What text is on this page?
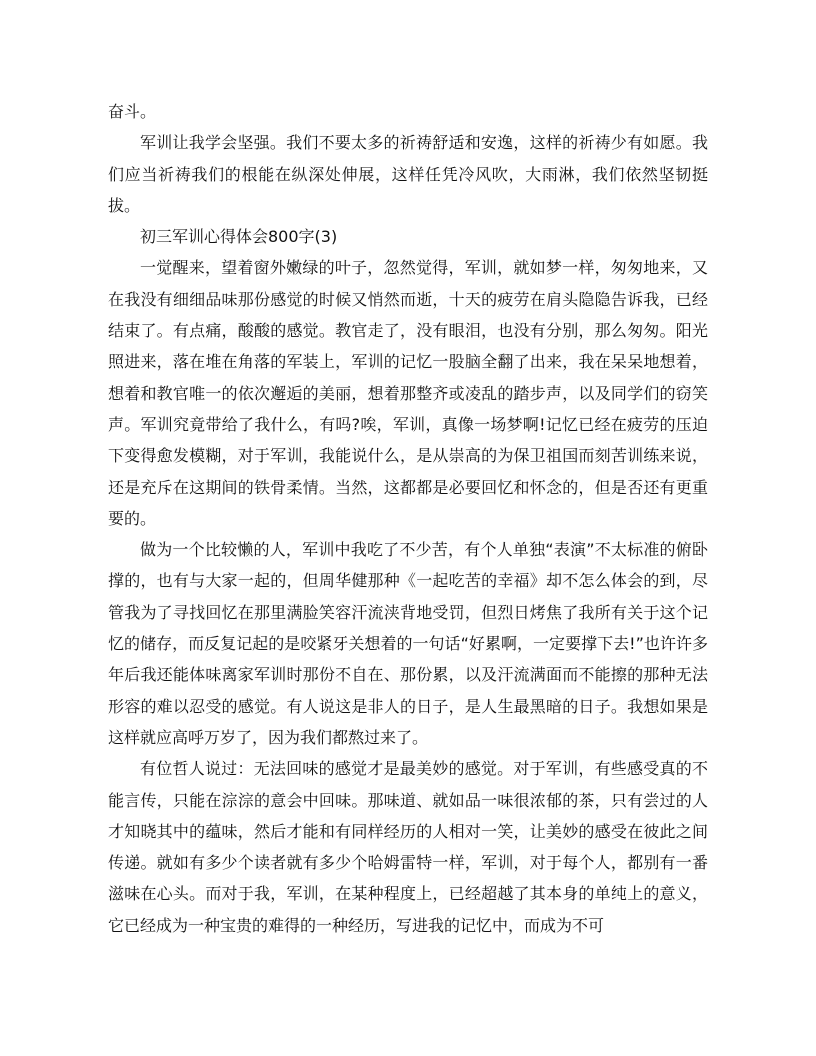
奋斗。

军训让我学会坚强。我们不要太多的祈祷舒适和安逸，这样的祈祷少有如愿。我们应当祈祷我们的根能在纵深处伸展，这样任凭冷风吹，大雨淋，我们依然坚韧挺拔。

初三军训心得体会800字(3)

一觉醒来，望着窗外嫩绿的叶子，忽然觉得，军训，就如梦一样，匆匆地来，又在我没有细细品味那份感觉的时候又悄然而逝，十天的疲劳在肩头隐隐告诉我，已经结束了。有点痛，酸酸的感觉。教官走了，没有眼泪，也没有分别，那么匆匆。阳光照进来，落在堆在角落的军装上，军训的记忆一股脑全翻了出来，我在呆呆地想着，想着和教官唯一的依次邂逅的美丽，想着那整齐或凌乱的踏步声，以及同学们的窃笑声。军训究竟带给了我什么，有吗?唉，军训，真像一场梦啊!记忆已经在疲劳的压迫下变得愈发模糊，对于军训，我能说什么，是从崇高的为保卫祖国而刻苦训练来说，还是充斥在这期间的铁骨柔情。当然，这都都是必要回忆和怀念的，但是否还有更重要的。

做为一个比较懒的人，军训中我吃了不少苦，有个人单独“表演”不太标准的俯卧撑的，也有与大家一起的，但周华健那种《一起吃苦的幸福》却不怎么体会的到，尽管我为了寻找回忆在那里满脸笑容汗流浃背地受罚，但烈日烤焦了我所有关于这个记忆的储存，而反复记起的是咬紧牙关想着的一句话“好累啊，一定要撑下去!”也许许多年后我还能体味离家军训时那份不自在、那份累，以及汗流满面而不能擦的那种无法形容的难以忍受的感觉。有人说这是非人的日子，是人生最黑暗的日子。我想如果是这样就应高呼万岁了，因为我们都熬过来了。

有位哲人说过：无法回味的感觉才是最美妙的感觉。对于军训，有些感受真的不能言传，只能在淙淙的意会中回味。那味道、就如品一味很浓郁的茶，只有尝过的人才知晓其中的蕴味，然后才能和有同样经历的人相对一笑，让美妙的感受在彼此之间传递。就如有多少个读者就有多少个哈姆雷特一样，军训，对于每个人，都别有一番滋味在心头。而对于我，军训，在某种程度上，已经超越了其本身的单纯上的意义，它已经成为一种宝贵的难得的一种经历，写进我的记忆中，而成为不可
